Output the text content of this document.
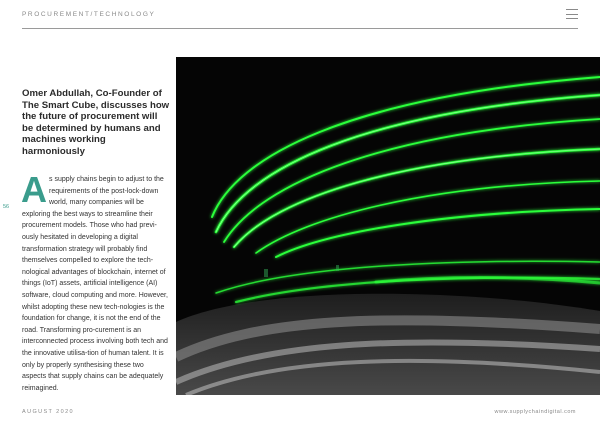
PROCUREMENT/TECHNOLOGY
Omer Abdullah, Co-Founder of The Smart Cube, discusses how the future of procurement will be determined by humans and machines working harmoniously
As supply chains begin to adjust to the requirements of the post-lock-down world, many companies will be exploring the best ways to streamline their procurement models. Those who had previ-ously hesitated in developing a digital transformation strategy will probably find themselves compelled to explore the tech-nological advantages of blockchain, internet of things (IoT) assets, artificial intelligence (AI) software, cloud computing and more. However, whilst adopting these new tech-nologies is the foundation for change, it is not the end of the road. Transforming pro-curement is an interconnected process involving both tech and the innovative utilisa-tion of human talent. It is only by properly synthesising these two aspects that supply chains can be adequately reimagined.
56
AUGUST 2020	www.supplychaindigital.com
